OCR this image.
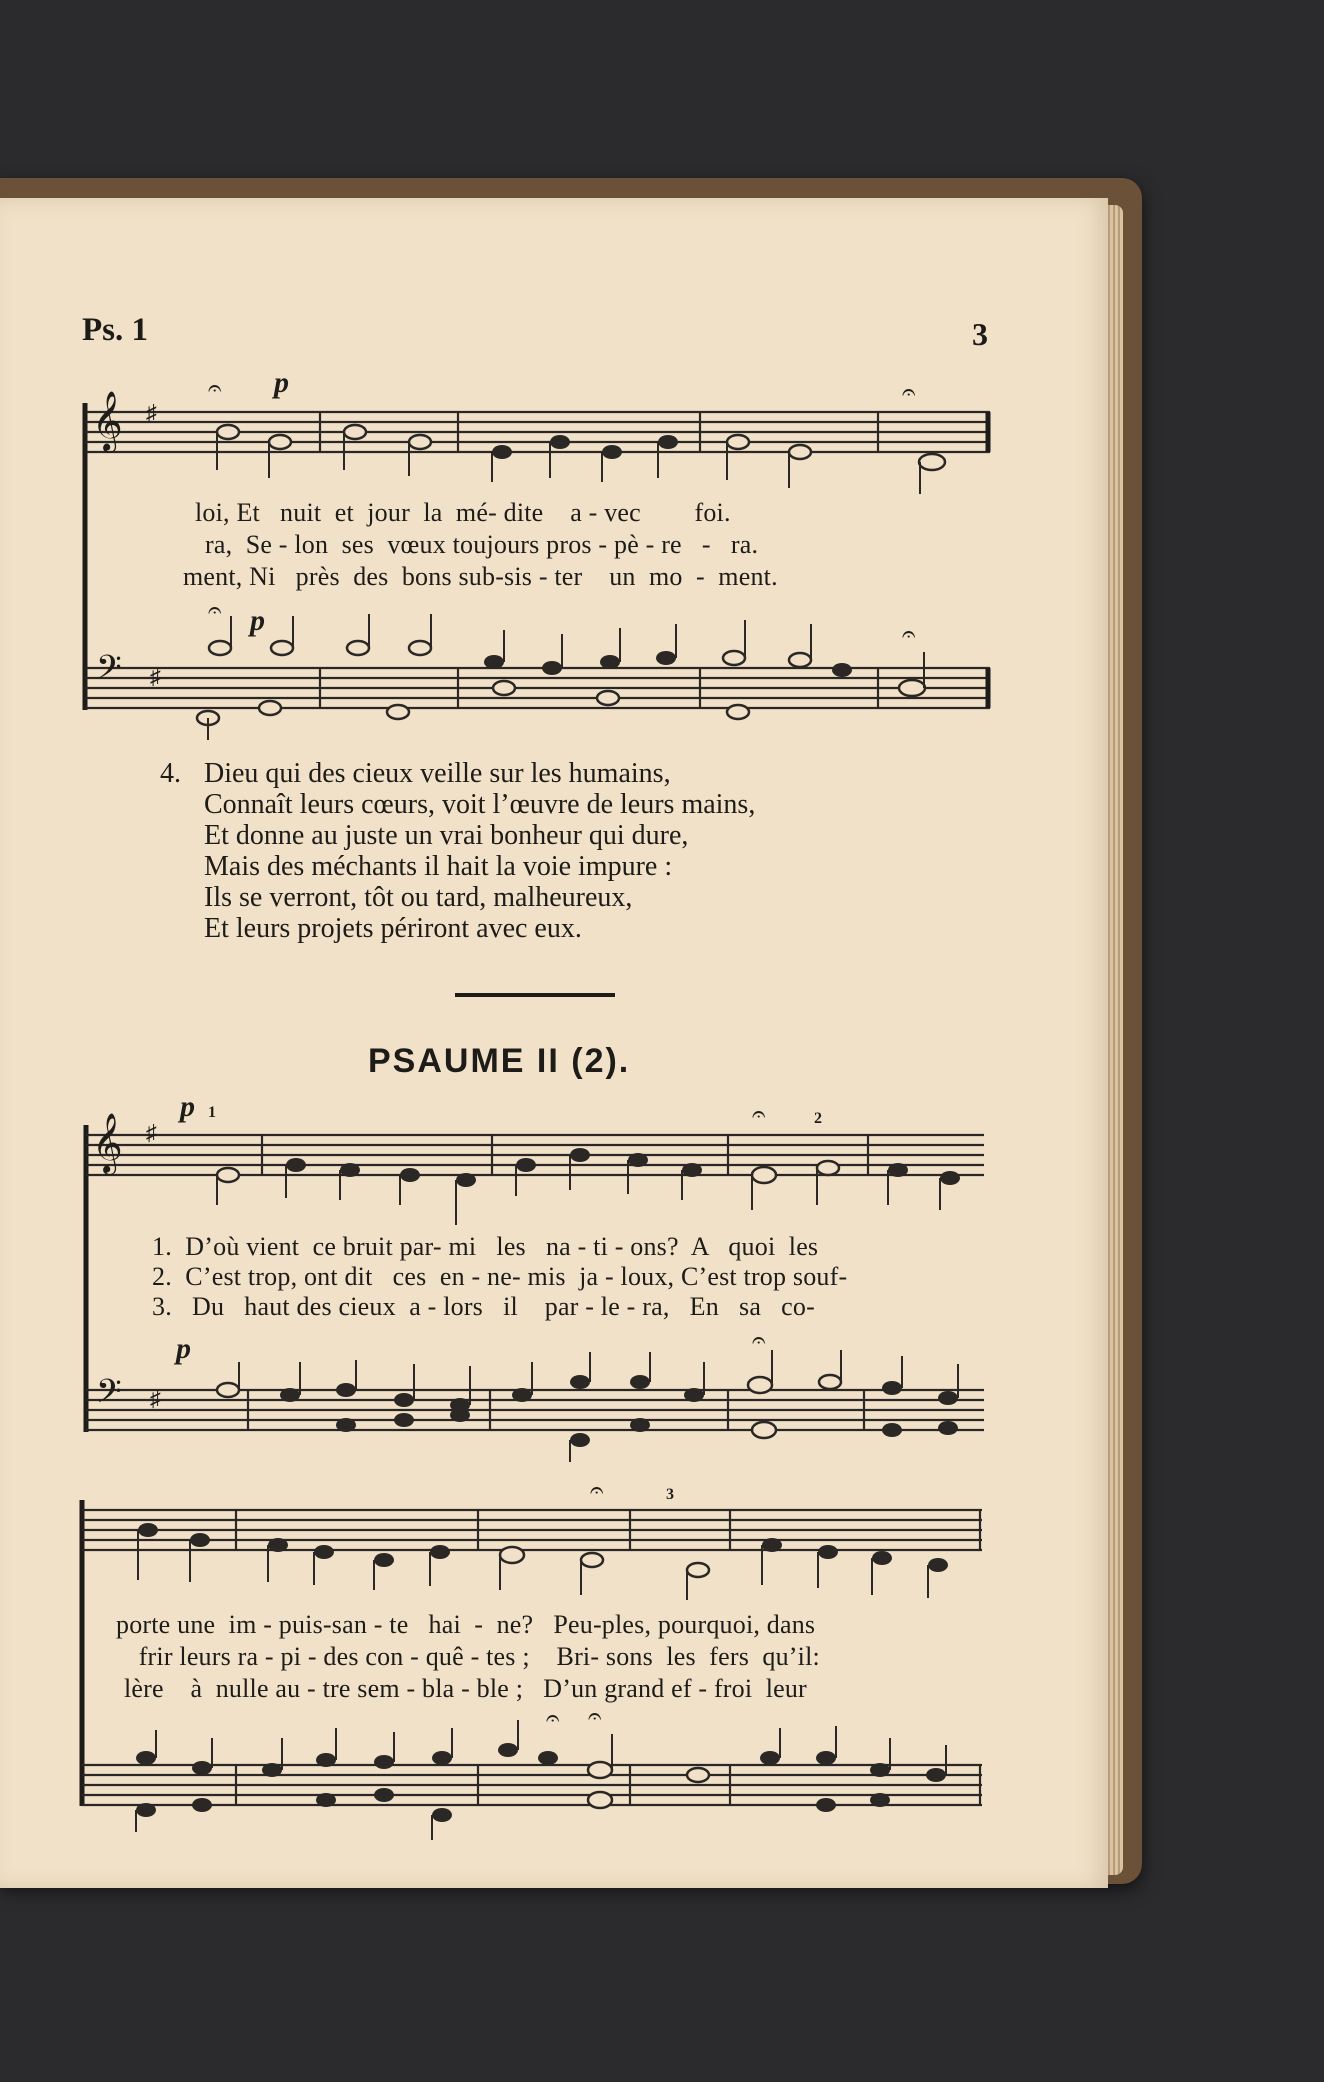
Ps. 1	3
𝄞 ♯
𝄢 ♯
𝄐	𝄐
𝄐
𝄐
p
p
loi, Et   nuit  et  jour  la  mé- dite    a - vec        foi.
ra,  Se - lon  ses  vœux toujours pros - pè - re   -   ra.
ment, Ni   près  des  bons sub-sis - ter    un  mo  -  ment.
4. Dieu qui des cieux veille sur les humains,
Connaît leurs cœurs, voit l’œuvre de leurs mains,
Et donne au juste un vrai bonheur qui dure,
Mais des méchants il hait la voie impure :
Ils se verront, tôt ou tard, malheureux,
Et leurs projets périront avec eux.
PSAUME II (2).
𝄞 ♯
𝄢 ♯
𝄐
𝄐
p 1	2
p
1.  D’où vient  ce bruit par- mi   les   na - ti - ons?  A   quoi  les
2.  C’est trop, ont dit   ces  en - ne- mis  ja - loux, C’est trop souf-
3.   Du   haut des cieux  a - lors   il    par - le - ra,   En   sa   co-
𝄐
𝄐 𝄐
3
porte une  im - puis-san - te   hai  -  ne?   Peu-ples, pourquoi, dans
frir leurs ra - pi - des con - quê - tes ;    Bri- sons  les  fers  qu’il:
lère    à  nulle au - tre sem - bla - ble ;   D’un grand ef - froi  leur
